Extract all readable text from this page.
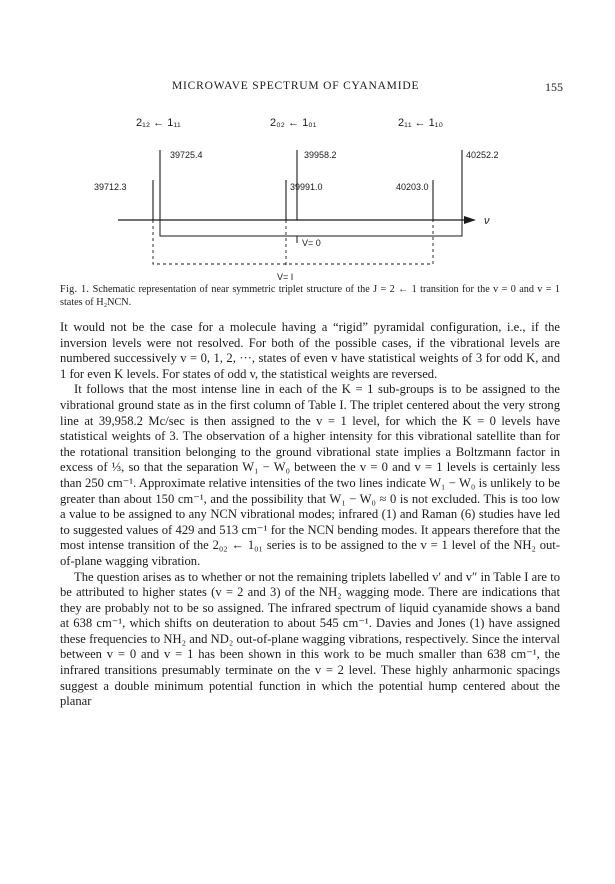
MICROWAVE SPECTRUM OF CYANAMIDE	155
2₁₂ ← 1₁₁	2₀₂ ← 1₀₁	2₁₁ ← 1₁₀
39725.4	39958.2	40252.2
39712.3	39991.0	40203.0
ν
V= 0
V= I
Fig. 1. Schematic representation of near symmetric triplet structure of the J = 2 ← 1 transition for the v = 0 and v = 1 states of H₂NCN.

It would not be the case for a molecule having a “rigid” pyramidal configuration, i.e., if the inversion levels were not resolved. For both of the possible cases, if the vibrational levels are numbered successively v = 0, 1, 2, ···, states of even v have statistical weights of 3 for odd K, and 1 for even K levels. For states of odd v, the statistical weights are reversed.

It follows that the most intense line in each of the K = 1 sub-groups is to be assigned to the vibrational ground state as in the first column of Table I. The triplet centered about the very strong line at 39,958.2 Mc/sec is then assigned to the v = 1 level, for which the K = 0 levels have statistical weights of 3. The observation of a higher intensity for this vibrational satellite than for the rotational transition belonging to the ground vibrational state implies a Boltzmann factor in excess of ⅓, so that the separation W₁ − W₀ between the v = 0 and v = 1 levels is certainly less than 250 cm⁻¹. Approximate relative intensities of the two lines indicate W₁ − W₀ is unlikely to be greater than about 150 cm⁻¹, and the possibility that W₁ − W₀ ≈ 0 is not excluded. This is too low a value to be assigned to any NCN vibrational modes; infrared (1) and Raman (6) studies have led to suggested values of 429 and 513 cm⁻¹ for the NCN bending modes. It appears therefore that the most intense transition of the 2₀₂ ← 1₀₁ series is to be assigned to the v = 1 level of the NH₂ out-of-plane wagging vibration.

The question arises as to whether or not the remaining triplets labelled v′ and v″ in Table I are to be attributed to higher states (v = 2 and 3) of the NH₂ wagging mode. There are indications that they are probably not to be so assigned. The infrared spectrum of liquid cyanamide shows a band at 638 cm⁻¹, which shifts on deuteration to about 545 cm⁻¹. Davies and Jones (1) have assigned these frequencies to NH₂ and ND₂ out-of-plane wagging vibrations, respectively. Since the interval between v = 0 and v = 1 has been shown in this work to be much smaller than 638 cm⁻¹, the infrared transitions presumably terminate on the v = 2 level. These highly anharmonic spacings suggest a double minimum potential function in which the potential hump centered about the planar
